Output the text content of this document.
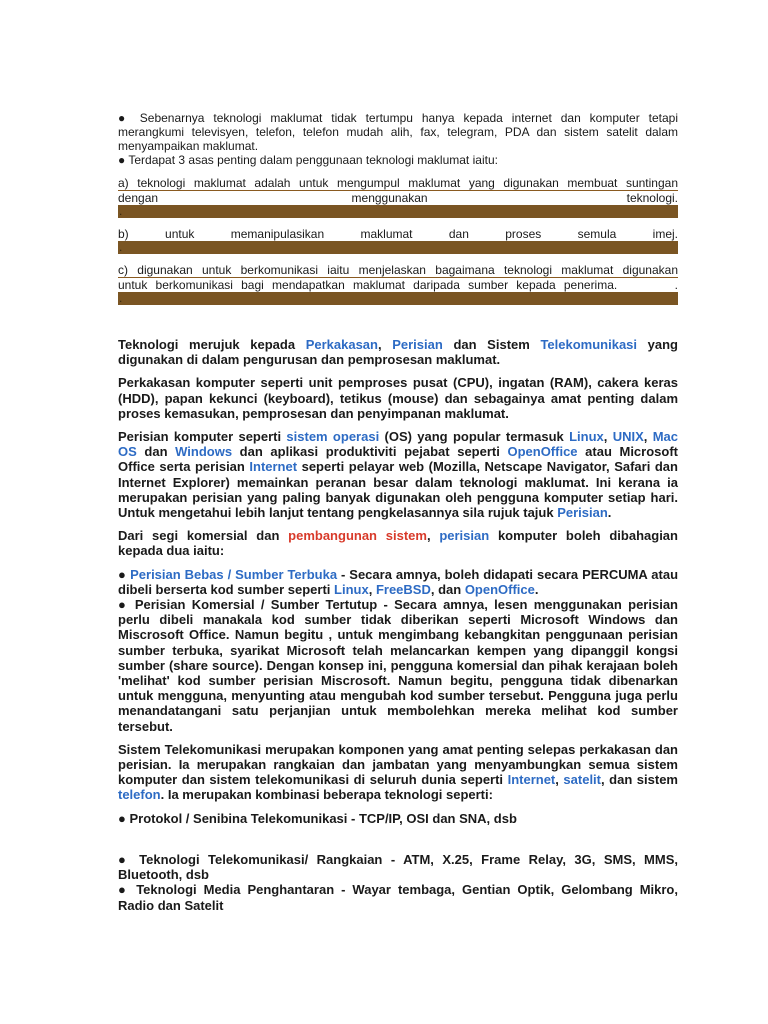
● Sebenarnya teknologi maklumat tidak tertumpu hanya kepada internet dan komputer tetapi merangkumi televisyen, telefon, telefon mudah alih, fax, telegram, PDA dan sistem satelit dalam menyampaikan maklumat.

● Terdapat 3 asas penting dalam penggunaan teknologi maklumat iaitu:

a) teknologi maklumat adalah untuk mengumpul maklumat yang digunakan membuat suntingan
dengan                                   menggunakan                                    teknologi.
.
b)        untuk        memanipulasikan        maklumat        dan        proses        semula        imej.
.
c) digunakan untuk berkomunikasi iaitu menjelaskan bagaimana teknologi maklumat digunakan
untuk berkomunikasi bagi mendapatkan maklumat daripada sumber kepada penerima.       .
.

Teknologi merujuk kepada Perkakasan, Perisian dan Sistem Telekomunikasi yang digunakan di dalam pengurusan dan pemprosesan maklumat.

Perkakasan komputer seperti unit pemproses pusat (CPU), ingatan (RAM), cakera keras (HDD), papan kekunci (keyboard), tetikus (mouse) dan sebagainya amat penting dalam proses kemasukan, pemprosesan dan penyimpanan maklumat.

Perisian komputer seperti sistem operasi (OS) yang popular termasuk Linux, UNIX, Mac OS dan Windows dan aplikasi produktiviti pejabat seperti OpenOffice atau Microsoft Office serta perisian Internet seperti pelayar web (Mozilla, Netscape Navigator, Safari dan Internet Explorer) memainkan peranan besar dalam teknologi maklumat. Ini kerana ia merupakan perisian yang paling banyak digunakan oleh pengguna komputer setiap hari. Untuk mengetahui lebih lanjut tentang pengkelasannya sila rujuk tajuk Perisian.

Dari segi komersial dan pembangunan sistem, perisian komputer boleh dibahagian kepada dua iaitu:

● Perisian Bebas / Sumber Terbuka - Secara amnya, boleh didapati secara PERCUMA atau dibeli berserta kod sumber seperti Linux, FreeBSD, dan OpenOffice.

● Perisian Komersial / Sumber Tertutup - Secara amnya, lesen menggunakan perisian perlu dibeli manakala kod sumber tidak diberikan seperti Microsoft Windows dan Miscrosoft Office. Namun begitu , untuk mengimbang kebangkitan penggunaan perisian sumber terbuka, syarikat Microsoft telah melancarkan kempen yang dipanggil kongsi sumber (share source). Dengan konsep ini, pengguna komersial dan pihak kerajaan boleh 'melihat' kod sumber perisian Miscrosoft. Namun begitu, pengguna tidak dibenarkan untuk mengguna, menyunting atau mengubah kod sumber tersebut. Pengguna juga perlu menandatangani satu perjanjian untuk membolehkan mereka melihat kod sumber tersebut.

Sistem Telekomunikasi merupakan komponen yang amat penting selepas perkakasan dan perisian. Ia merupakan rangkaian dan jambatan yang menyambungkan semua sistem komputer dan sistem telekomunikasi di seluruh dunia seperti Internet, satelit, dan sistem telefon. Ia merupakan kombinasi beberapa teknologi seperti:

● Protokol / Senibina Telekomunikasi - TCP/IP, OSI dan SNA, dsb

● Teknologi Telekomunikasi/ Rangkaian - ATM, X.25, Frame Relay, 3G, SMS, MMS, Bluetooth, dsb

● Teknologi Media Penghantaran - Wayar tembaga, Gentian Optik, Gelombang Mikro, Radio dan Satelit
